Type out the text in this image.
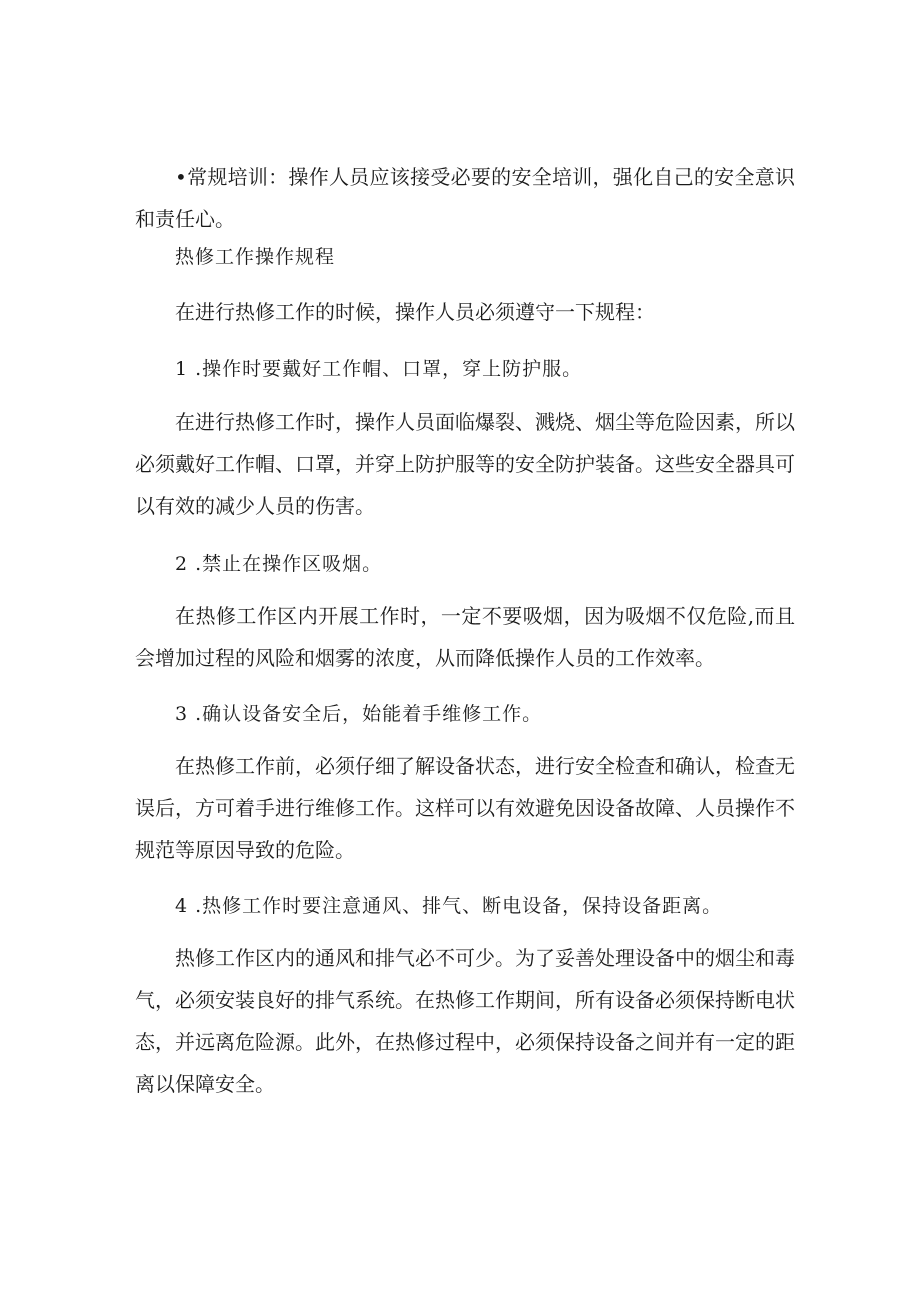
•常规培训：操作人员应该接受必要的安全培训，强化自己的安全意识和责任心。

热修工作操作规程

在进行热修工作的时候，操作人员必须遵守一下规程：

1 .操作时要戴好工作帽、口罩，穿上防护服。

在进行热修工作时，操作人员面临爆裂、溅烧、烟尘等危险因素，所以必须戴好工作帽、口罩，并穿上防护服等的安全防护装备。这些安全器具可以有效的减少人员的伤害。

2 .禁止在操作区吸烟。

在热修工作区内开展工作时，一定不要吸烟，因为吸烟不仅危险,而且会增加过程的风险和烟雾的浓度，从而降低操作人员的工作效率。

3 .确认设备安全后，始能着手维修工作。

在热修工作前，必须仔细了解设备状态，进行安全检查和确认，检查无误后，方可着手进行维修工作。这样可以有效避免因设备故障、人员操作不规范等原因导致的危险。

4 .热修工作时要注意通风、排气、断电设备，保持设备距离。

热修工作区内的通风和排气必不可少。为了妥善处理设备中的烟尘和毒气，必须安装良好的排气系统。在热修工作期间，所有设备必须保持断电状态，并远离危险源。此外，在热修过程中，必须保持设备之间并有一定的距离以保障安全。
